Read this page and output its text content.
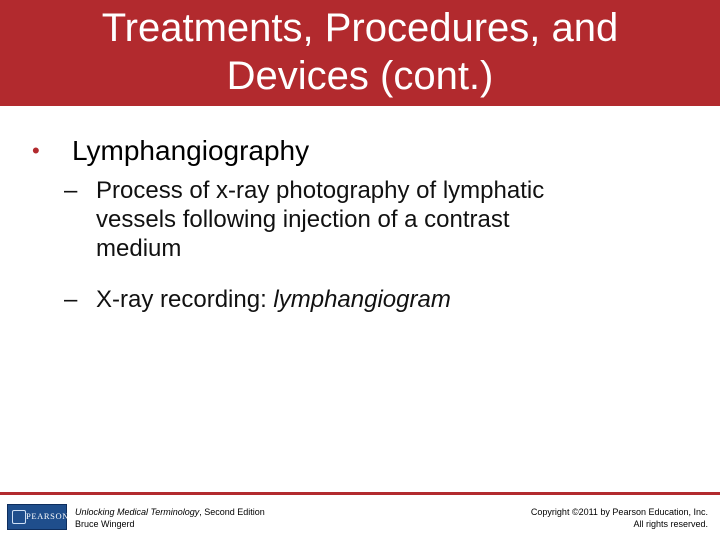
Treatments, Procedures, and
Devices (cont.)
• Lymphangiography
– Process of x-ray photography of lymphatic
vessels following injection of a contrast
medium
– X-ray recording: lymphangiogram
PEARSON Unlocking Medical Terminology, Second Edition
Bruce Wingerd
Copyright ©2011 by Pearson Education, Inc.
All rights reserved.
